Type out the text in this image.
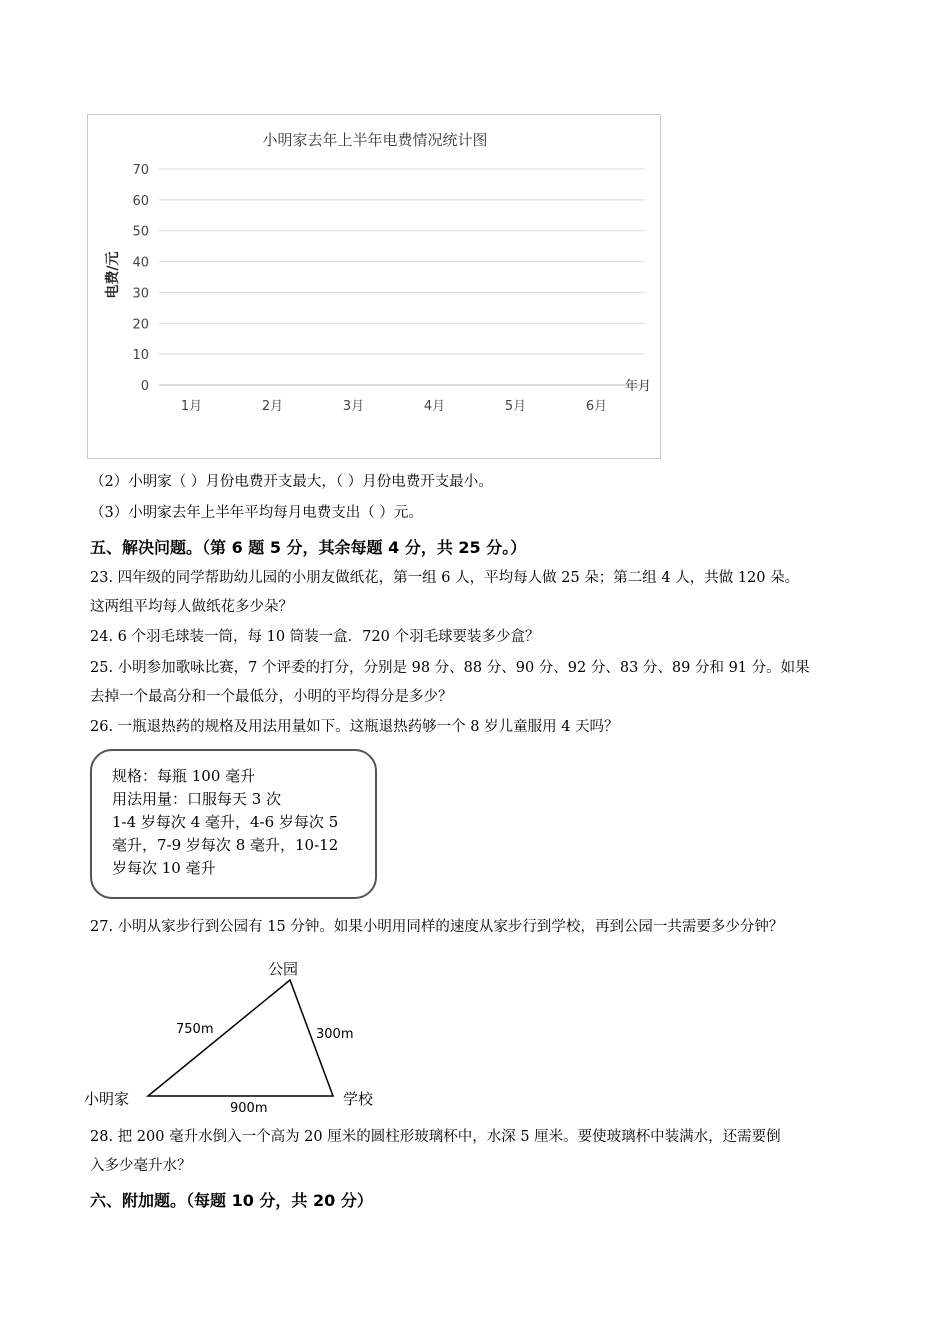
小明家去年上半年电费情况统计图
0
10
20
30
40
50
60
70
1月	2月	3月	4月	5月	6月
电费/元
年月
（2）小明家（ ）月份电费开支最大，（ ）月份电费开支最小。
（3）小明家去年上半年平均每月电费支出（ ）元。
五、解决问题。（第 6 题 5 分，其余每题 4 分，共 25 分。）
23. 四年级的同学帮助幼儿园的小朋友做纸花，第一组 6 人，平均每人做 25 朵；第二组 4 人，共做 120 朵。
这两组平均每人做纸花多少朵？
24. 6 个羽毛球装一筒，每 10 筒装一盒．720 个羽毛球要装多少盒？
25. 小明参加歌咏比赛，7 个评委的打分，分别是 98 分、88 分、90 分、92 分、83 分、89 分和 91 分。如果
去掉一个最高分和一个最低分，小明的平均得分是多少？
26. 一瓶退热药的规格及用法用量如下。这瓶退热药够一个 8 岁儿童服用 4 天吗？
规格：每瓶 100 毫升
用法用量：口服每天 3 次
1-4 岁每次 4 毫升，4-6 岁每次 5
毫升，7-9 岁每次 8 毫升，10-12
岁每次 10 毫升
27. 小明从家步行到公园有 15 分钟。如果小明用同样的速度从家步行到学校，再到公园一共需要多少分钟？
公园
小明家	学校
750m	300m
900m
28. 把 200 毫升水倒入一个高为 20 厘米的圆柱形玻璃杯中，水深 5 厘米。要使玻璃杯中装满水，还需要倒
入多少毫升水？
六、附加题。（每题 10 分，共 20 分）
